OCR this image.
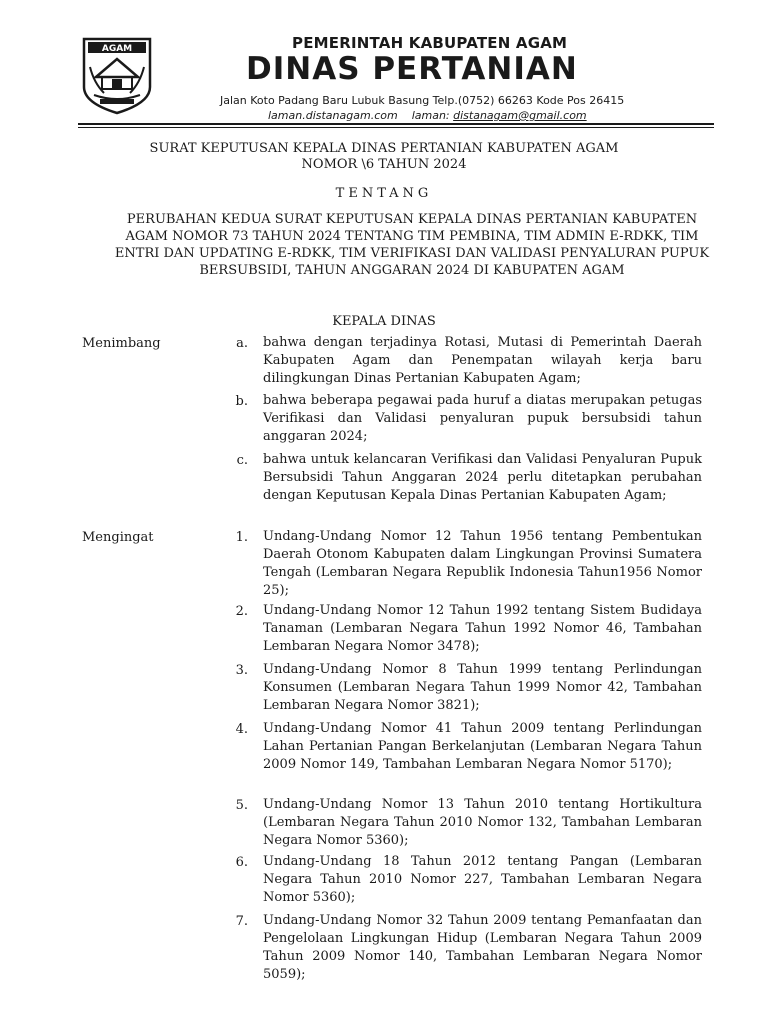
AGAM	PEMERINTAH KABUPATEN AGAM
DINAS PERTANIAN
Jalan Koto Padang Baru Lubuk Basung Telp.(0752) 66263 Kode Pos 26415
laman.distanagam.com laman: distanagam@gmail.com
SURAT KEPUTUSAN KEPALA DINAS PERTANIAN KABUPATEN AGAM
NOMOR \6 TAHUN 2024
TENTANG
PERUBAHAN KEDUA SURAT KEPUTUSAN KEPALA DINAS PERTANIAN KABUPATEN AGAM NOMOR 73 TAHUN 2024 TENTANG TIM PEMBINA, TIM ADMIN E-RDKK, TIM ENTRI DAN UPDATING E-RDKK, TIM VERIFIKASI DAN VALIDASI PENYALURAN PUPUK BERSUBSIDI, TAHUN ANGGARAN 2024 DI KABUPATEN AGAM
KEPALA DINAS
Menimbang	a. bahwa dengan terjadinya Rotasi, Mutasi di Pemerintah Daerah Kabupaten Agam dan Penempatan wilayah kerja baru dilingkungan Dinas Pertanian Kabupaten Agam;
b. bahwa beberapa pegawai pada huruf a diatas merupakan petugas Verifikasi dan Validasi penyaluran pupuk bersubsidi tahun anggaran 2024;
c. bahwa untuk kelancaran Verifikasi dan Validasi Penyaluran Pupuk Bersubsidi Tahun Anggaran 2024 perlu ditetapkan perubahan dengan Keputusan Kepala Dinas Pertanian Kabupaten Agam;
Mengingat	1. Undang-Undang Nomor 12 Tahun 1956 tentang Pembentukan Daerah Otonom Kabupaten dalam Lingkungan Provinsi Sumatera Tengah (Lembaran Negara Republik Indonesia Tahun1956 Nomor 25);
2. Undang-Undang Nomor 12 Tahun 1992 tentang Sistem Budidaya Tanaman (Lembaran Negara Tahun 1992 Nomor 46, Tambahan Lembaran Negara Nomor 3478);
3. Undang-Undang Nomor 8 Tahun 1999 tentang Perlindungan Konsumen (Lembaran Negara Tahun 1999 Nomor 42, Tambahan Lembaran Negara Nomor 3821);
4. Undang-Undang Nomor 41 Tahun 2009 tentang Perlindungan Lahan Pertanian Pangan Berkelanjutan (Lembaran Negara Tahun 2009 Nomor 149, Tambahan Lembaran Negara Nomor 5170);
5. Undang-Undang Nomor 13 Tahun 2010 tentang Hortikultura (Lembaran Negara Tahun 2010 Nomor 132, Tambahan Lembaran Negara Nomor 5360);
6. Undang-Undang 18 Tahun 2012 tentang Pangan (Lembaran Negara Tahun 2010 Nomor 227, Tambahan Lembaran Negara Nomor 5360);
7. Undang-Undang Nomor 32 Tahun 2009 tentang Pemanfaatan dan Pengelolaan Lingkungan Hidup (Lembaran Negara Tahun 2009 Tahun 2009 Nomor 140, Tambahan Lembaran Negara Nomor 5059);
